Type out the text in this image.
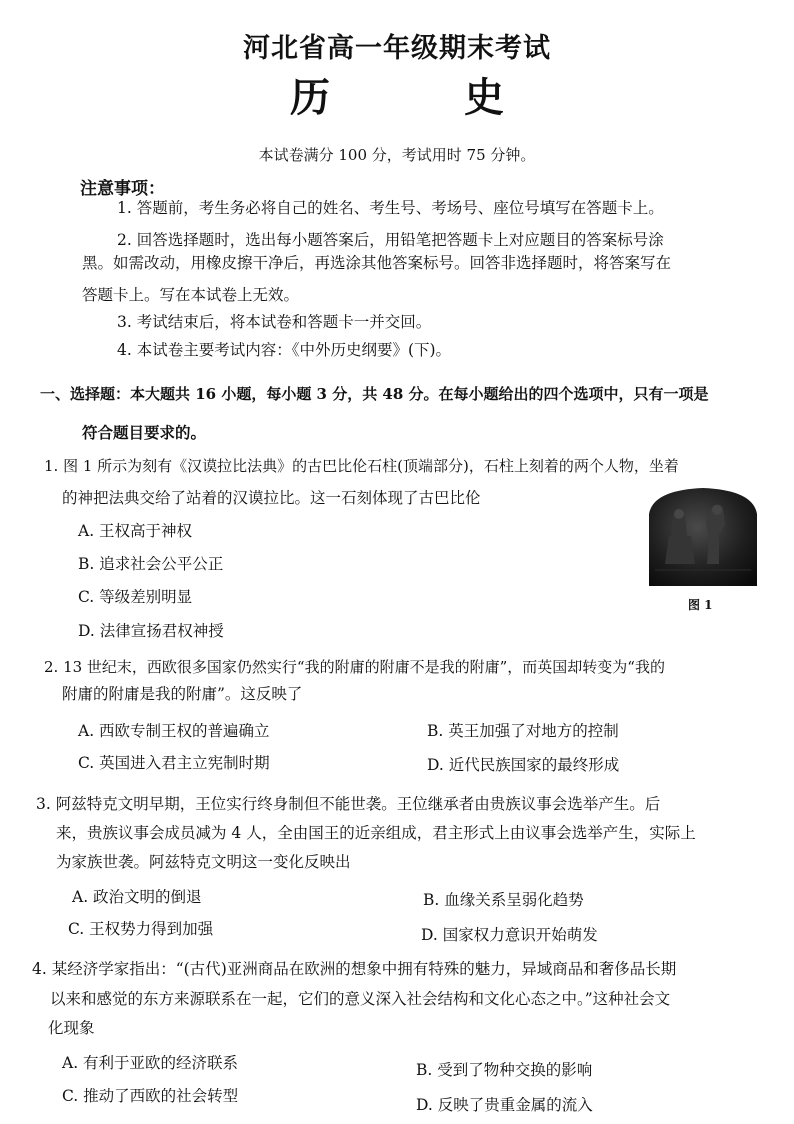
河北省高一年级期末考试
历 史
本试卷满分 100 分，考试用时 75 分钟。
注意事项：
1. 答题前，考生务必将自己的姓名、考生号、考场号、座位号填写在答题卡上。
2. 回答选择题时，选出每小题答案后，用铅笔把答题卡上对应题目的答案标号涂
黑。如需改动，用橡皮擦干净后，再选涂其他答案标号。回答非选择题时，将答案写在
答题卡上。写在本试卷上无效。
3. 考试结束后，将本试卷和答题卡一并交回。
4. 本试卷主要考试内容：《中外历史纲要》(下)。
一、选择题：本大题共 16 小题，每小题 3 分，共 48 分。在每小题给出的四个选项中，只有一项是
符合题目要求的。
1. 图 1 所示为刻有《汉谟拉比法典》的古巴比伦石柱(顶端部分)，石柱上刻着的两个人物，坐着
的神把法典交给了站着的汉谟拉比。这一石刻体现了古巴比伦
A. 王权高于神权
B. 追求社会公平公正
C. 等级差别明显
D. 法律宣扬君权神授
图 1
2. 13 世纪末，西欧很多国家仍然实行“我的附庸的附庸不是我的附庸”，而英国却转变为“我的
附庸的附庸是我的附庸”。这反映了
A. 西欧专制王权的普遍确立	B. 英王加强了对地方的控制
C. 英国进入君主立宪制时期	D. 近代民族国家的最终形成
3. 阿兹特克文明早期，王位实行终身制但不能世袭。王位继承者由贵族议事会选举产生。后
来，贵族议事会成员减为 4 人，全由国王的近亲组成，君主形式上由议事会选举产生，实际上
为家族世袭。阿兹特克文明这一变化反映出
A. 政治文明的倒退	B. 血缘关系呈弱化趋势
C. 王权势力得到加强	D. 国家权力意识开始萌发
4. 某经济学家指出：“(古代)亚洲商品在欧洲的想象中拥有特殊的魅力，异域商品和奢侈品长期
以来和感觉的东方来源联系在一起，它们的意义深入社会结构和文化心态之中。”这种社会文
化现象
A. 有利于亚欧的经济联系	B. 受到了物种交换的影响
C. 推动了西欧的社会转型	D. 反映了贵重金属的流入
